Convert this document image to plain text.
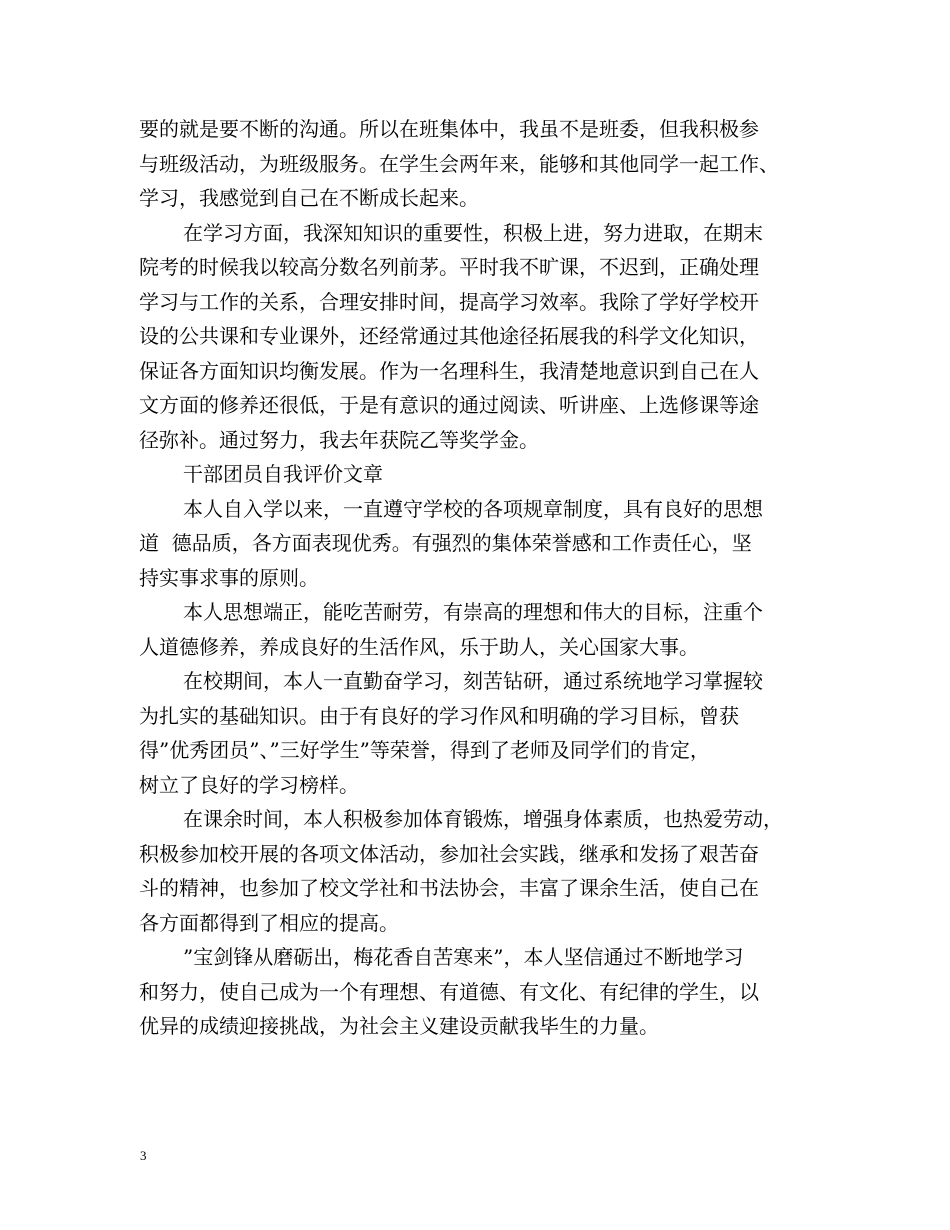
要的就是要不断的沟通。所以在班集体中，我虽不是班委，但我积极参
与班级活动，为班级服务。在学生会两年来，能够和其他同学一起工作、
学习，我感觉到自己在不断成长起来。
在学习方面，我深知知识的重要性，积极上进，努力进取，在期末
院考的时候我以较高分数名列前茅。平时我不旷课，不迟到，正确处理
学习与工作的关系，合理安排时间，提高学习效率。我除了学好学校开
设的公共课和专业课外，还经常通过其他途径拓展我的科学文化知识，
保证各方面知识均衡发展。作为一名理科生，我清楚地意识到自己在人
文方面的修养还很低，于是有意识的通过阅读、听讲座、上选修课等途
径弥补。通过努力，我去年获院乙等奖学金。
干部团员自我评价文章
本人自入学以来，一直遵守学校的各项规章制度，具有良好的思想
道  德品质，各方面表现优秀。有强烈的集体荣誉感和工作责任心，坚
持实事求事的原则。
本人思想端正，能吃苦耐劳，有崇高的理想和伟大的目标，注重个
人道德修养，养成良好的生活作风，乐于助人，关心国家大事。
在校期间，本人一直勤奋学习，刻苦钻研，通过系统地学习掌握较
为扎实的基础知识。由于有良好的学习作风和明确的学习目标，曾获
得”优秀团员”、”三好学生”等荣誉，得到了老师及同学们的肯定，
树立了良好的学习榜样。
在课余时间，本人积极参加体育锻炼，增强身体素质，也热爱劳动，
积极参加校开展的各项文体活动，参加社会实践，继承和发扬了艰苦奋
斗的精神，也参加了校文学社和书法协会，丰富了课余生活，使自己在
各方面都得到了相应的提高。
”宝剑锋从磨砺出，梅花香自苦寒来”，本人坚信通过不断地学习
和努力，使自己成为一个有理想、有道德、有文化、有纪律的学生，以
优异的成绩迎接挑战，为社会主义建设贡献我毕生的力量。
3
